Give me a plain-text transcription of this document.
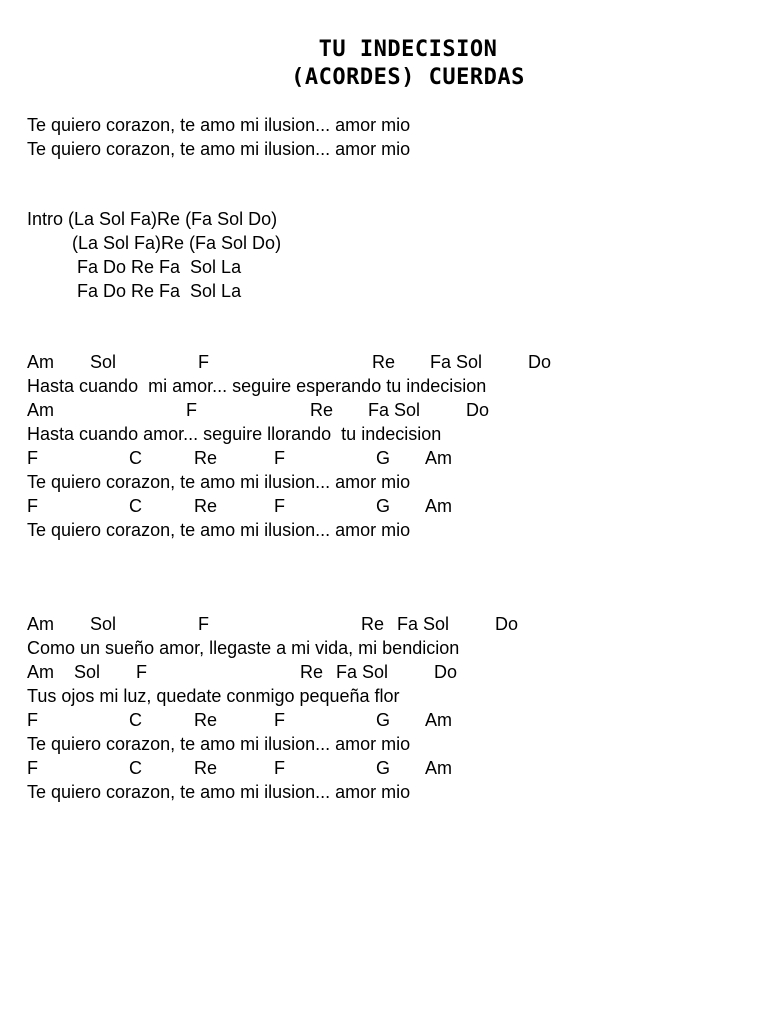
TU INDECISION
(ACORDES) CUERDAS
Te quiero corazon, te amo mi ilusion... amor mio
Te quiero corazon, te amo mi ilusion... amor mio
Intro (La Sol Fa)Re (Fa Sol Do)
(La Sol Fa)Re (Fa Sol Do)
Fa Do Re Fa  Sol La
Fa Do Re Fa  Sol La
Am Sol	F	Re Fa Sol	Do
Hasta cuando  mi amor... seguire esperando tu indecision
Am	F	Re Fa Sol	Do
Hasta cuando amor... seguire llorando  tu indecision
F	C	Re	F	G Am
Te quiero corazon, te amo mi ilusion... amor mio
F	C	Re	F	G Am
Te quiero corazon, te amo mi ilusion... amor mio
Am Sol	F	Re Fa Sol	Do
Como un sueño amor, llegaste a mi vida, mi bendicion
Am Sol F	Re Fa Sol	Do
Tus ojos mi luz, quedate conmigo pequeña flor
F	C	Re	F	G Am
Te quiero corazon, te amo mi ilusion... amor mio
F	C	Re	F	G Am
Te quiero corazon, te amo mi ilusion... amor mio
